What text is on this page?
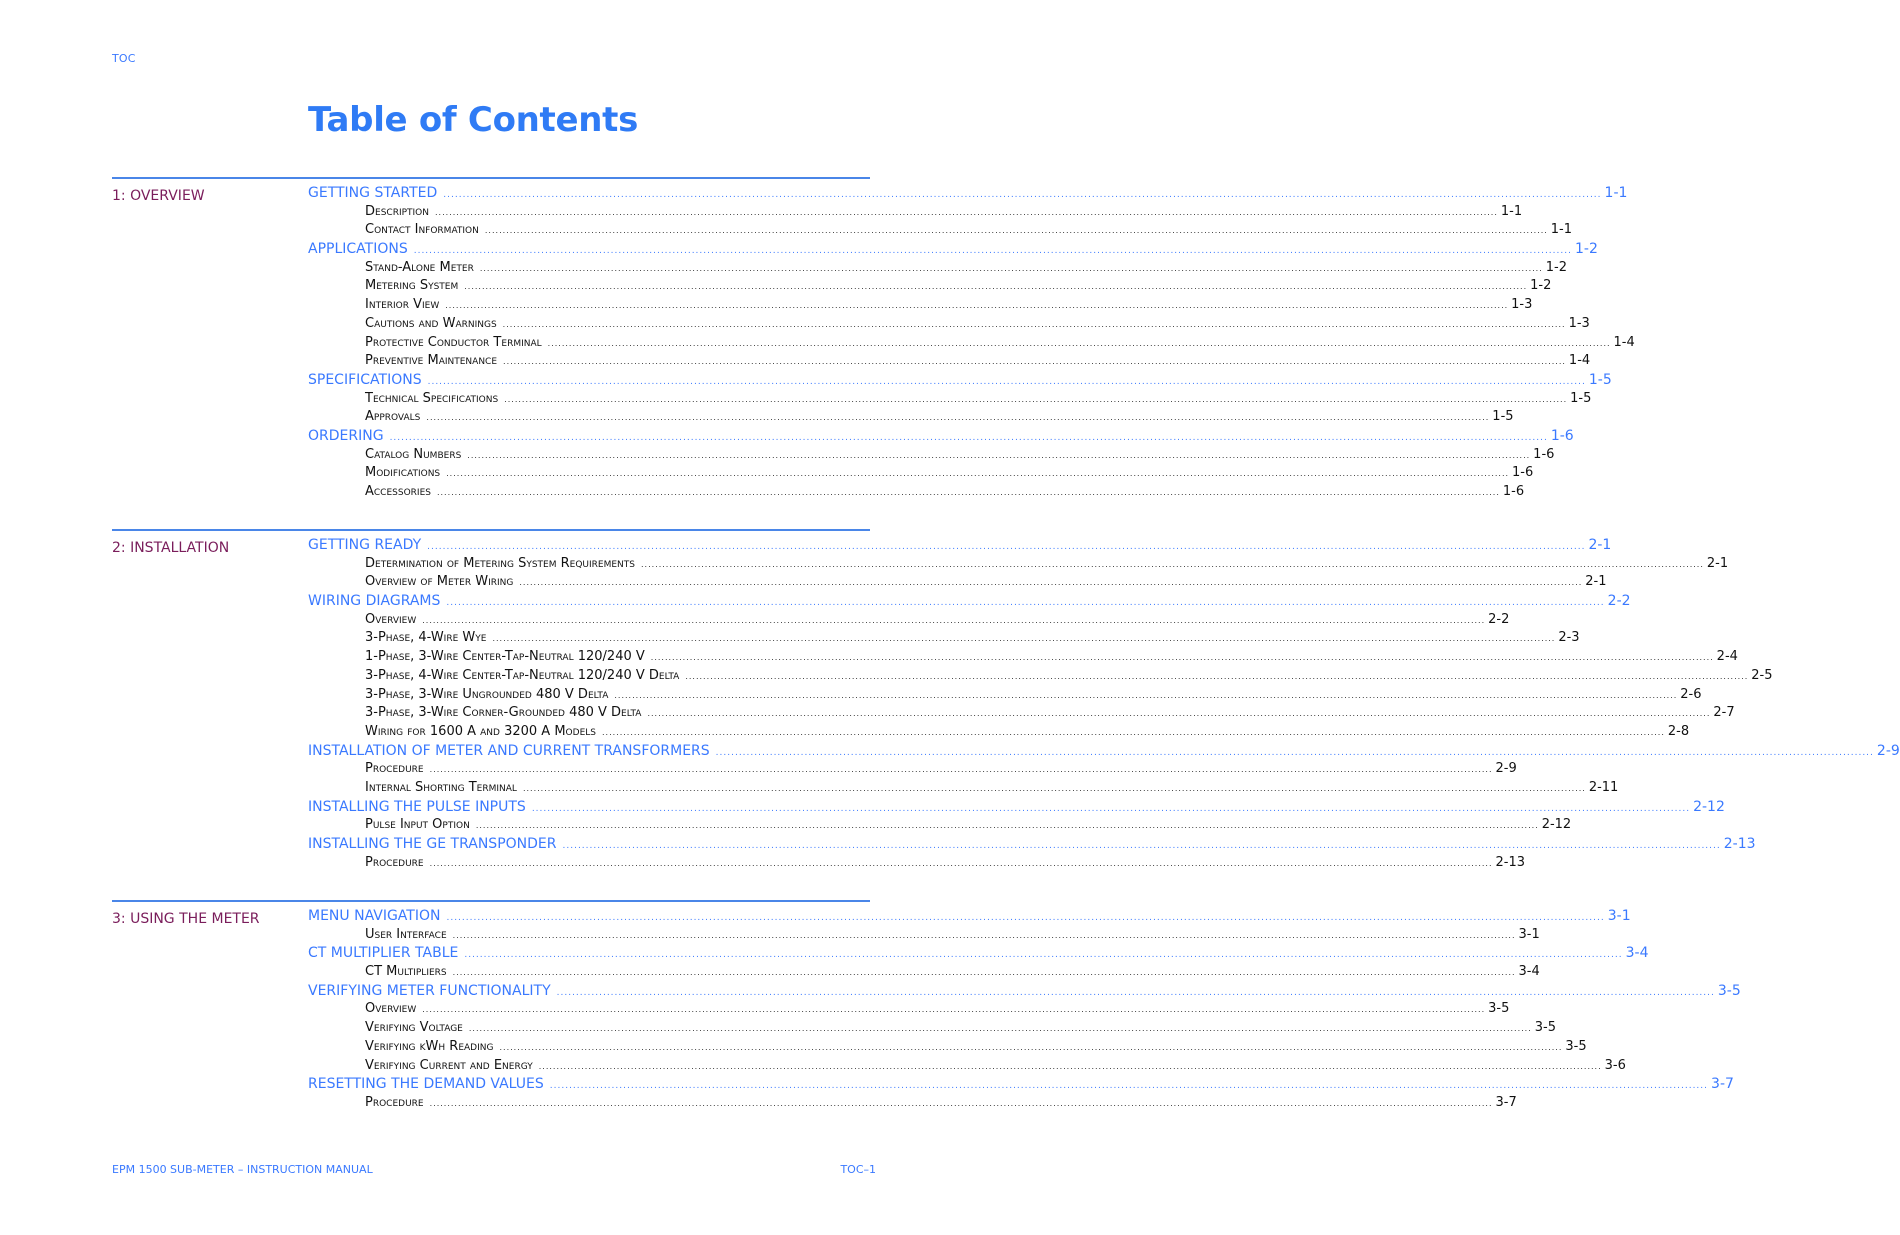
TOC
Table of Contents
1: OVERVIEW	GETTING STARTED ............................................................................................................................................................................................................................................................................................................ 1-1
Description ............................................................................................................................................................................................................................................................................................................ 1-1
Contact Information ............................................................................................................................................................................................................................................................................................................ 1-1
APPLICATIONS ............................................................................................................................................................................................................................................................................................................ 1-2
Stand-Alone Meter ............................................................................................................................................................................................................................................................................................................ 1-2
Metering System ............................................................................................................................................................................................................................................................................................................ 1-2
Interior View ............................................................................................................................................................................................................................................................................................................ 1-3
Cautions and Warnings ............................................................................................................................................................................................................................................................................................................ 1-3
Protective Conductor Terminal ............................................................................................................................................................................................................................................................................................................ 1-4
Preventive Maintenance ............................................................................................................................................................................................................................................................................................................ 1-4
SPECIFICATIONS ............................................................................................................................................................................................................................................................................................................ 1-5
Technical Specifications ............................................................................................................................................................................................................................................................................................................ 1-5
Approvals ............................................................................................................................................................................................................................................................................................................ 1-5
ORDERING ............................................................................................................................................................................................................................................................................................................ 1-6
Catalog Numbers ............................................................................................................................................................................................................................................................................................................ 1-6
Modifications ............................................................................................................................................................................................................................................................................................................ 1-6
Accessories ............................................................................................................................................................................................................................................................................................................ 1-6
2: INSTALLATION	GETTING READY ............................................................................................................................................................................................................................................................................................................ 2-1
Determination of Metering System Requirements ............................................................................................................................................................................................................................................................................................................ 2-1
Overview of Meter Wiring ............................................................................................................................................................................................................................................................................................................ 2-1
WIRING DIAGRAMS ............................................................................................................................................................................................................................................................................................................ 2-2
Overview ............................................................................................................................................................................................................................................................................................................ 2-2
3-Phase, 4-Wire Wye ............................................................................................................................................................................................................................................................................................................ 2-3
1-Phase, 3-Wire Center-Tap-Neutral 120/240 V ............................................................................................................................................................................................................................................................................................................ 2-4
3-Phase, 4-Wire Center-Tap-Neutral 120/240 V Delta ............................................................................................................................................................................................................................................................................................................ 2-5
3-Phase, 3-Wire Ungrounded 480 V Delta ............................................................................................................................................................................................................................................................................................................ 2-6
3-Phase, 3-Wire Corner-Grounded 480 V Delta ............................................................................................................................................................................................................................................................................................................ 2-7
Wiring for 1600 A and 3200 A Models ............................................................................................................................................................................................................................................................................................................ 2-8
INSTALLATION OF METER AND CURRENT TRANSFORMERS ............................................................................................................................................................................................................................................................................................................ 2-9
Procedure ............................................................................................................................................................................................................................................................................................................ 2-9
Internal Shorting Terminal ............................................................................................................................................................................................................................................................................................................ 2-11
INSTALLING THE PULSE INPUTS ............................................................................................................................................................................................................................................................................................................ 2-12
Pulse Input Option ............................................................................................................................................................................................................................................................................................................ 2-12
INSTALLING THE GE TRANSPONDER ............................................................................................................................................................................................................................................................................................................ 2-13
Procedure ............................................................................................................................................................................................................................................................................................................ 2-13
3: USING THE METER	MENU NAVIGATION ............................................................................................................................................................................................................................................................................................................ 3-1
User Interface ............................................................................................................................................................................................................................................................................................................ 3-1
CT MULTIPLIER TABLE ............................................................................................................................................................................................................................................................................................................ 3-4
CT Multipliers ............................................................................................................................................................................................................................................................................................................ 3-4
VERIFYING METER FUNCTIONALITY ............................................................................................................................................................................................................................................................................................................ 3-5
Overview ............................................................................................................................................................................................................................................................................................................ 3-5
Verifying Voltage ............................................................................................................................................................................................................................................................................................................ 3-5
Verifying kWh Reading ............................................................................................................................................................................................................................................................................................................ 3-5
Verifying Current and Energy ............................................................................................................................................................................................................................................................................................................ 3-6
RESETTING THE DEMAND VALUES ............................................................................................................................................................................................................................................................................................................ 3-7
Procedure ............................................................................................................................................................................................................................................................................................................ 3-7
EPM 1500 SUB-METER – INSTRUCTION MANUAL	TOC–1
